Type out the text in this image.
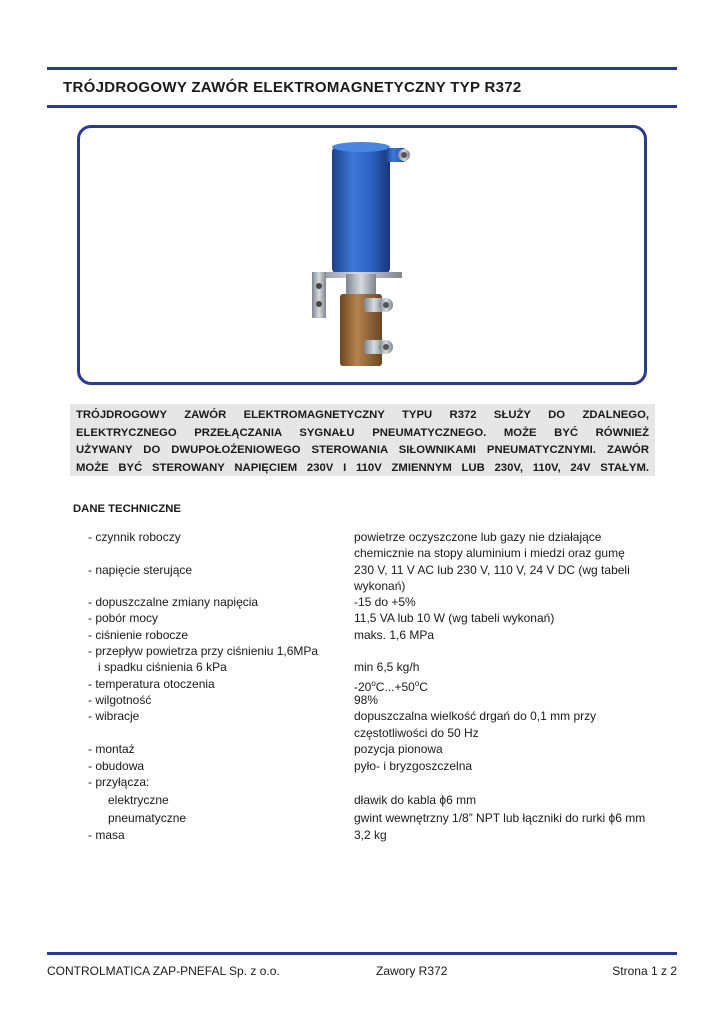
TRÓJDROGOWY ZAWÓR ELEKTROMAGNETYCZNY TYP R372
TRÓJDROGOWY ZAWÓR ELEKTROMAGNETYCZNY TYPU R372 SŁUŻY DO ZDALNEGO,
ELEKTRYCZNEGO PRZEŁĄCZANIA SYGNAŁU PNEUMATYCZNEGO. MOŻE BYĆ RÓWNIEŻ
UŻYWANY DO DWUPOŁOŻENIOWEGO STEROWANIA SIŁOWNIKAMI PNEUMATYCZNYMI. ZAWÓR
MOŻE BYĆ STEROWANY NAPIĘCIEM 230V I 110V ZMIENNYM LUB 230V, 110V, 24V STAŁYM.
DANE TECHNICZNE
- czynnik roboczy
- napięcie sterujące
- dopuszczalne zmiany napięcia
- pobór mocy
- ciśnienie robocze
- przepływ powietrza przy ciśnieniu 1,6MPa
i spadku ciśnienia 6 kPa
- temperatura otoczenia
- wilgotność
- wibracje
- montaż
- obudowa
- przyłącza:
elektryczne
pneumatyczne
- masa
powietrze oczyszczone lub gazy nie działające
chemicznie na stopy aluminium i miedzi oraz gumę
230 V, 11 V AC lub 230 V, 110 V, 24 V DC (wg tabeli
wykonań)
-15 do +5%
11,5 VA lub 10 W (wg tabeli wykonań)
maks. 1,6 MPa
min 6,5 kg/h
$-20^oC...+50^oC$
98%
dopuszczalna wielkość drgań do 0,1 mm przy
częstotliwości do 50 Hz
pozycja pionowa
pyło- i bryzgoszczelna
dławik do kabla ϕ6 mm
gwint wewnętrzny 1/8” NPT lub łączniki do rurki ϕ6 mm
3,2 kg
CONTROLMATICA ZAP-PNEFAL Sp. z o.o.	Zawory R372	Strona 1 z 2
